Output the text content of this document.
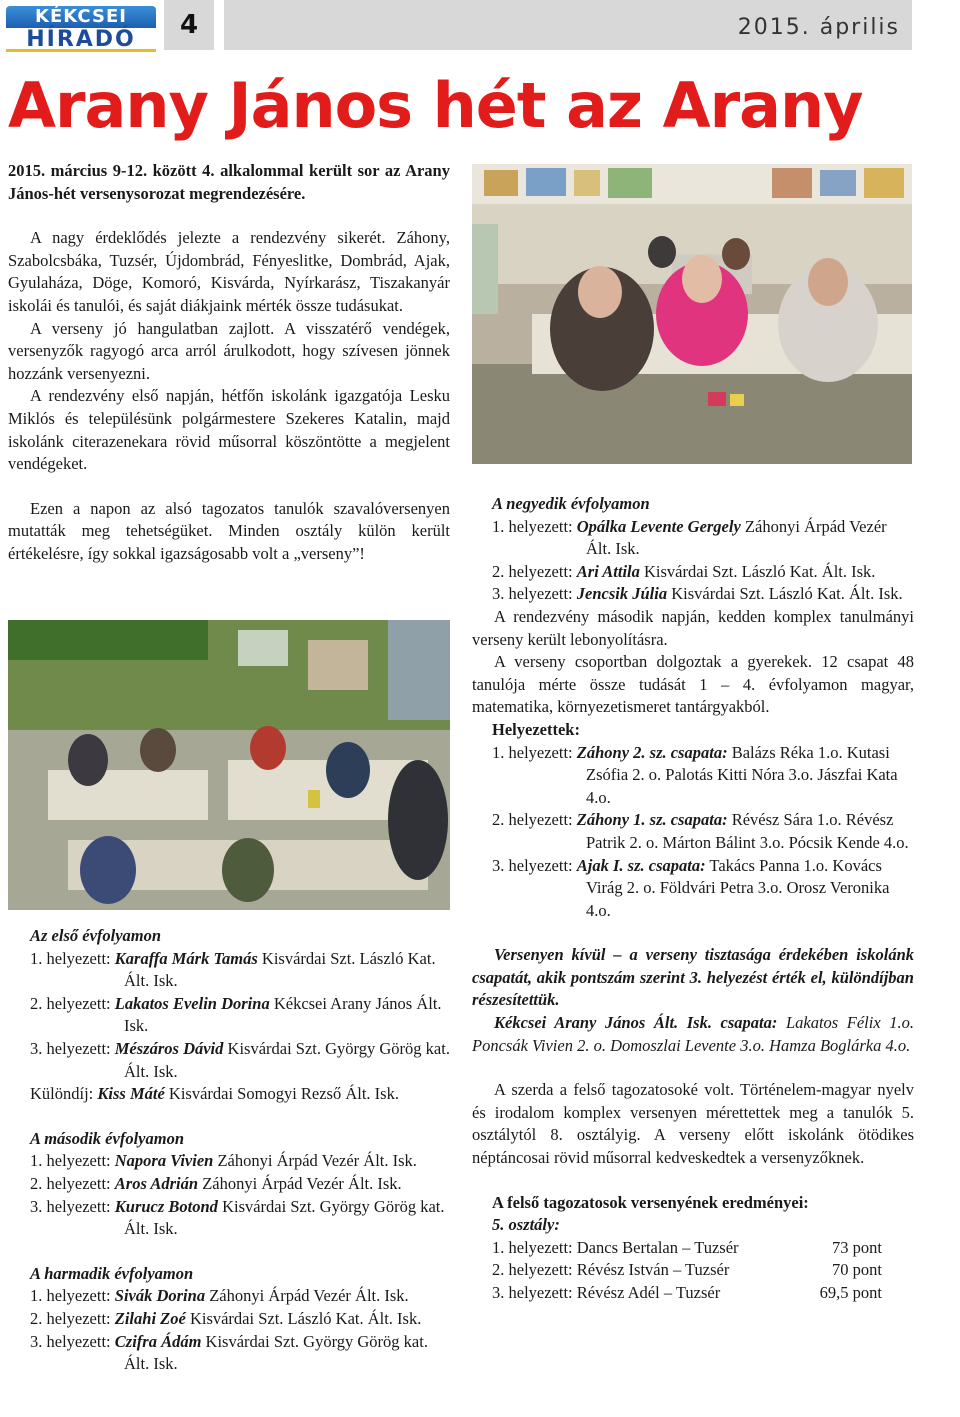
KÉKCSEI
HÍRADÓ	4	2015. április
Arany János hét az Arany

2015. március 9-12. között 4. alkalommal került sor az Arany János-hét versenysorozat megrendezésére.

A nagy érdeklődés jelezte a rendezvény sikerét. Záhony, Szabolcsbáka, Tuzsér, Újdombrád, Fényeslitke, Dombrád, Ajak, Gyulaháza, Döge, Komoró, Kisvárda, Nyírkarász, Tiszakanyár iskolái és tanulói, és saját diákjaink mérték össze tudásukat.

A verseny jó hangulatban zajlott. A visszatérő vendégek, versenyzők ragyogó arca arról árulkodott, hogy szívesen jönnek hozzánk versenyezni.

A rendezvény első napján, hétfőn iskolánk igazgatója Lesku Miklós és településünk polgármestere Szekeres Katalin, majd iskolánk citerazenekara rövid műsorral köszöntötte a megjelent vendégeket.

Ezen a napon az alsó tagozatos tanulók szavalóversenyen mutatták meg tehetségüket. Minden osztály külön került értékelésre, így sokkal igazságosabb volt a „verseny”!

Az első évfolyamon

1. helyezett: Karaffa Márk Tamás Kisvárdai Szt. László Kat. Ált. Isk.

2. helyezett: Lakatos Evelin Dorina Kékcsei Arany János Ált. Isk.

3. helyezett: Mészáros Dávid Kisvárdai Szt. György Görög kat. Ált. Isk.

Különdíj: Kiss Máté Kisvárdai Somogyi Rezső Ált. Isk.

A második évfolyamon

1. helyezett: Napora Vivien Záhonyi Árpád Vezér Ált. Isk.

2. helyezett: Aros Adrián Záhonyi Árpád Vezér Ált. Isk.

3. helyezett: Kurucz Botond Kisvárdai Szt. György Görög kat. Ált. Isk.

A harmadik évfolyamon

1. helyezett: Sivák Dorina Záhonyi Árpád Vezér Ált. Isk.

2. helyezett: Zilahi Zoé Kisvárdai Szt. László Kat. Ált. Isk.

3. helyezett: Czifra Ádám Kisvárdai Szt. György Görög kat. Ált. Isk.

A negyedik évfolyamon

1. helyezett: Opálka Levente Gergely Záhonyi Árpád Vezér Ált. Isk.

2. helyezett: Ari Attila Kisvárdai Szt. László Kat. Ált. Isk.

3. helyezett: Jencsik Júlia Kisvárdai Szt. László Kat. Ált. Isk.

A rendezvény második napján, kedden komplex tanulmányi verseny került lebonyolításra.

A verseny csoportban dolgoztak a gyerekek. 12 csapat 48 tanulója mérte össze tudását 1 – 4. évfolyamon magyar, matematika, környezetismeret tantárgyakból.

Helyezettek:

1. helyezett: Záhony 2. sz. csapata: Balázs Réka 1.o. Kutasi Zsófia 2. o. Palotás Kitti Nóra 3.o. Jászfai Kata 4.o.

2. helyezett: Záhony 1. sz. csapata: Révész Sára 1.o. Révész Patrik 2. o. Márton Bálint 3.o. Pócsik Kende 4.o.

3. helyezett: Ajak I. sz. csapata: Takács Panna 1.o. Kovács Virág 2. o. Földvári Petra 3.o. Orosz Veronika 4.o.

Versenyen kívül – a verseny tisztasága érdekében iskolánk csapatát, akik pontszám szerint 3. helyezést érték el, különdíjban részesítettük.

Kékcsei Arany János Ált. Isk. csapata: Lakatos Félix 1.o. Poncsák Vivien 2. o. Domoszlai Levente 3.o. Hamza Boglárka 4.o.

A szerda a felső tagozatosoké volt. Történelem-magyar nyelv és irodalom komplex versenyen mérettettek meg a tanulók 5. osztálytól 8. osztályig. A verseny előtt iskolánk ötödikes néptáncosai rövid műsorral kedveskedtek a versenyzőknek.

A felső tagozatosok versenyének eredményei:

5. osztály:

1. helyezett: Dancs Bertalan – Tuzsér	73 pont

2. helyezett: Révész István – Tuzsér	70 pont

3. helyezett: Révész Adél – Tuzsér	69,5 pont
